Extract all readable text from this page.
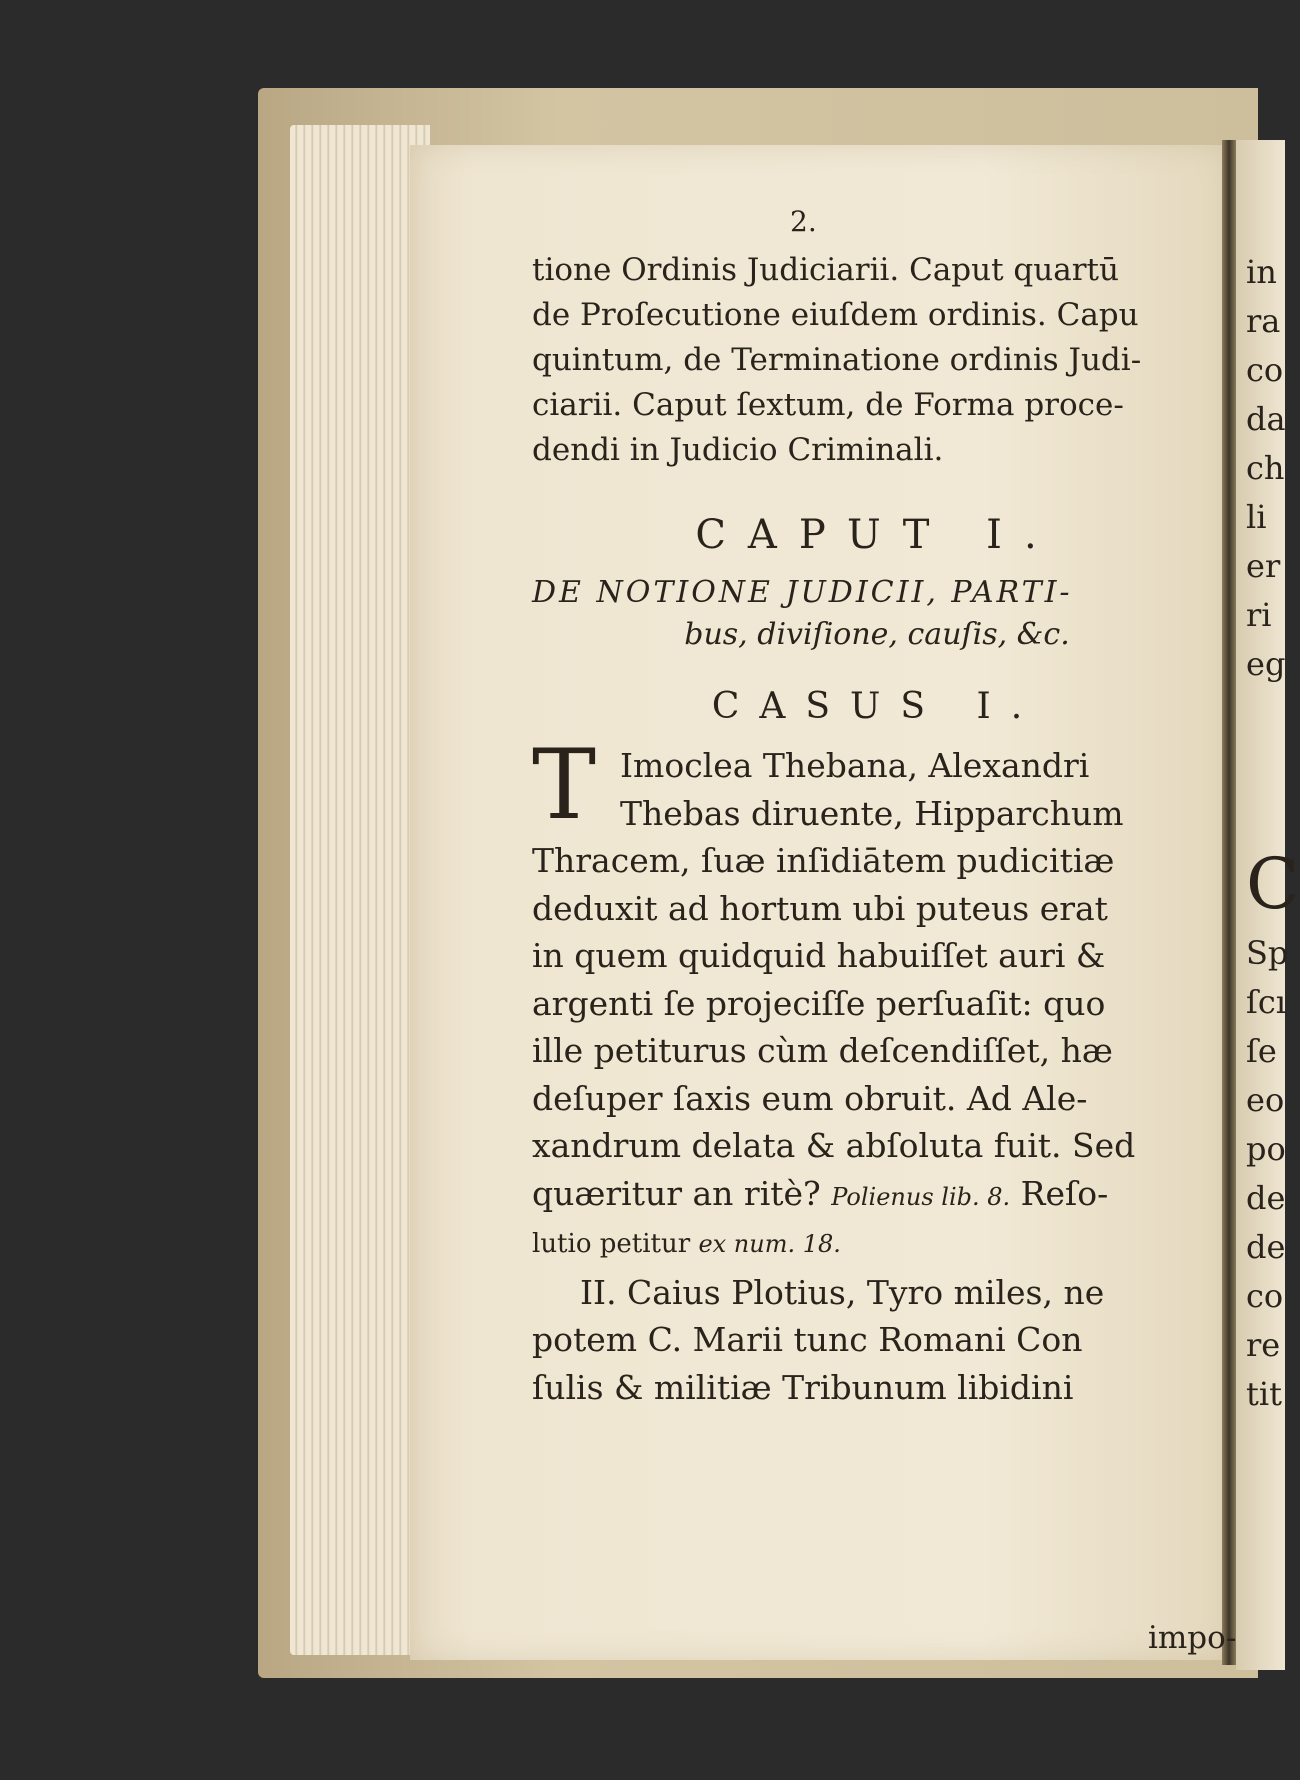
2.
tione Ordinis Judiciarii. Caput quartū
de Proſecutione eiuſdem ordinis. Capu
quintum, de Terminatione ordinis Judi-
ciarii. Caput ſextum, de Forma proce-
dendi in Judicio Criminali.
CAPUT I.
DE NOTIONE JUDICII, PARTI-
bus, diviſione, cauſis, &c.
CASUS I.
T Imoclea Thebana, Alexandri
Thebas diruente, Hipparchum
Thracem, ſuæ inſidiātem pudicitiæ
deduxit ad hortum ubi puteus erat
in quem quidquid habuiſſet auri &
argenti ſe projeciſſe perſuaſit: quo
ille petiturus cùm deſcendiſſet, hæ
deſuper ſaxis eum obruit. Ad Ale-
xandrum delata & abſoluta fuit. Sed
quæritur an ritè? Polienus lib. 8. Reſo-
lutio petitur ex num. 18.
II. Caius Plotius, Tyro miles, ne
potem C. Marii tunc Romani Con
ſulis & militiæ Tribunum libidini
impo-
in
ra
co
da
ch
li
er
ri
eg
C
Sp
ſcı
ſe
eo
po
de
de
co
re
tit
